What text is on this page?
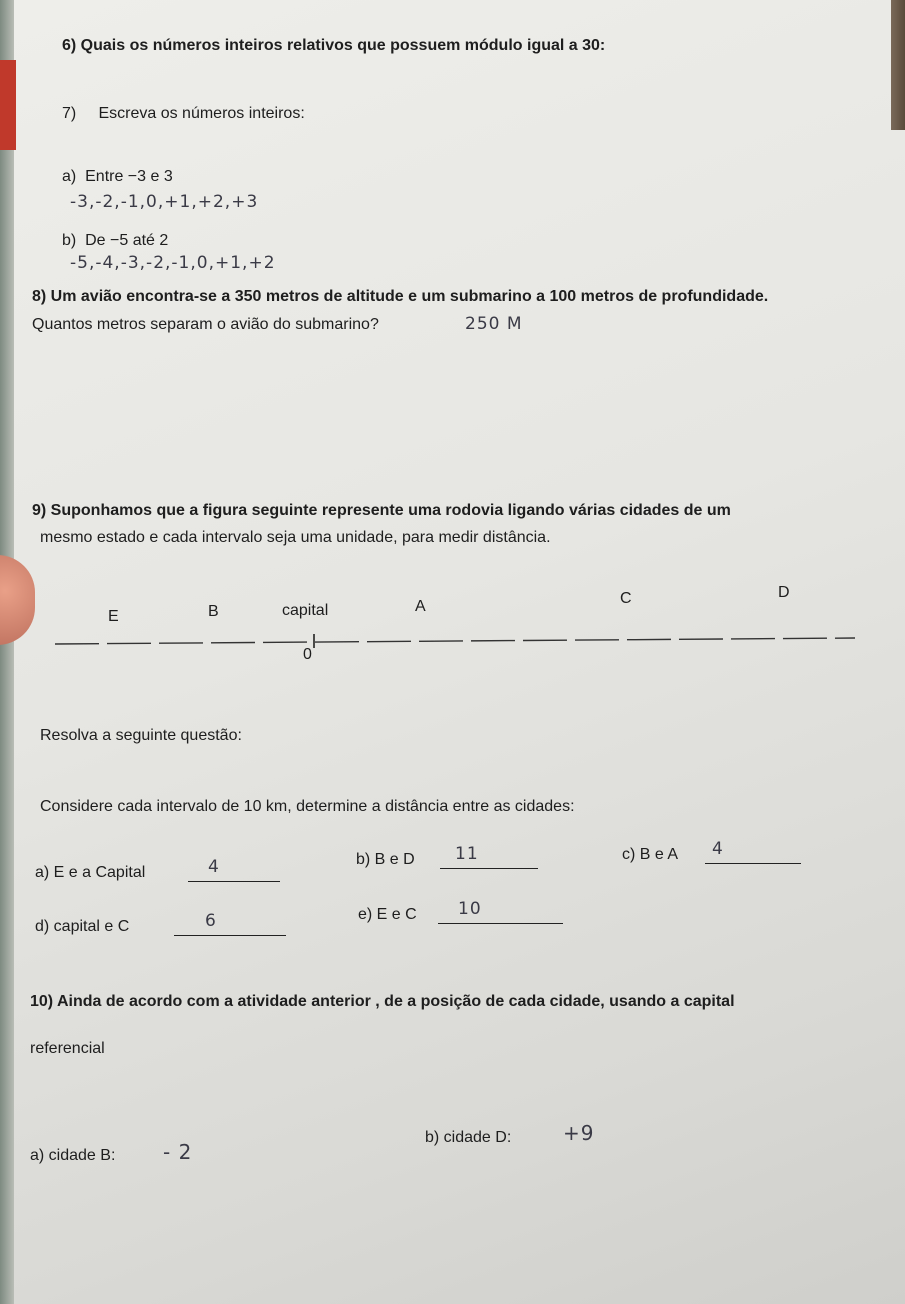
6) Quais os números inteiros relativos que possuem módulo igual a 30:
7)     Escreva os números inteiros:
a)  Entre −3 e 3
-3,-2,-1,0,+1,+2,+3
b)  De −5 até 2
-5,-4,-3,-2,-1,0,+1,+2
8) Um avião encontra-se a 350 metros de altitude e um submarino a 100 metros de profundidade.
Quantos metros separam o avião do submarino?	250 M
9) Suponhamos que a figura seguinte represente uma rodovia ligando várias cidades de um
mesmo estado e cada intervalo seja uma unidade, para medir distância.
E	B	capital	A	C	D
0
Resolva a seguinte questão:
Considere cada intervalo de 10 km, determine a distância entre as cidades:
a) E e a Capital	4	b) B e D 11	c) B e A 4
d) capital e C	6	e) E e C 10
10) Ainda de acordo com a atividade anterior , de a posição de cada cidade, usando a capital
referencial
a) cidade B: - 2
b) cidade D:	+9
